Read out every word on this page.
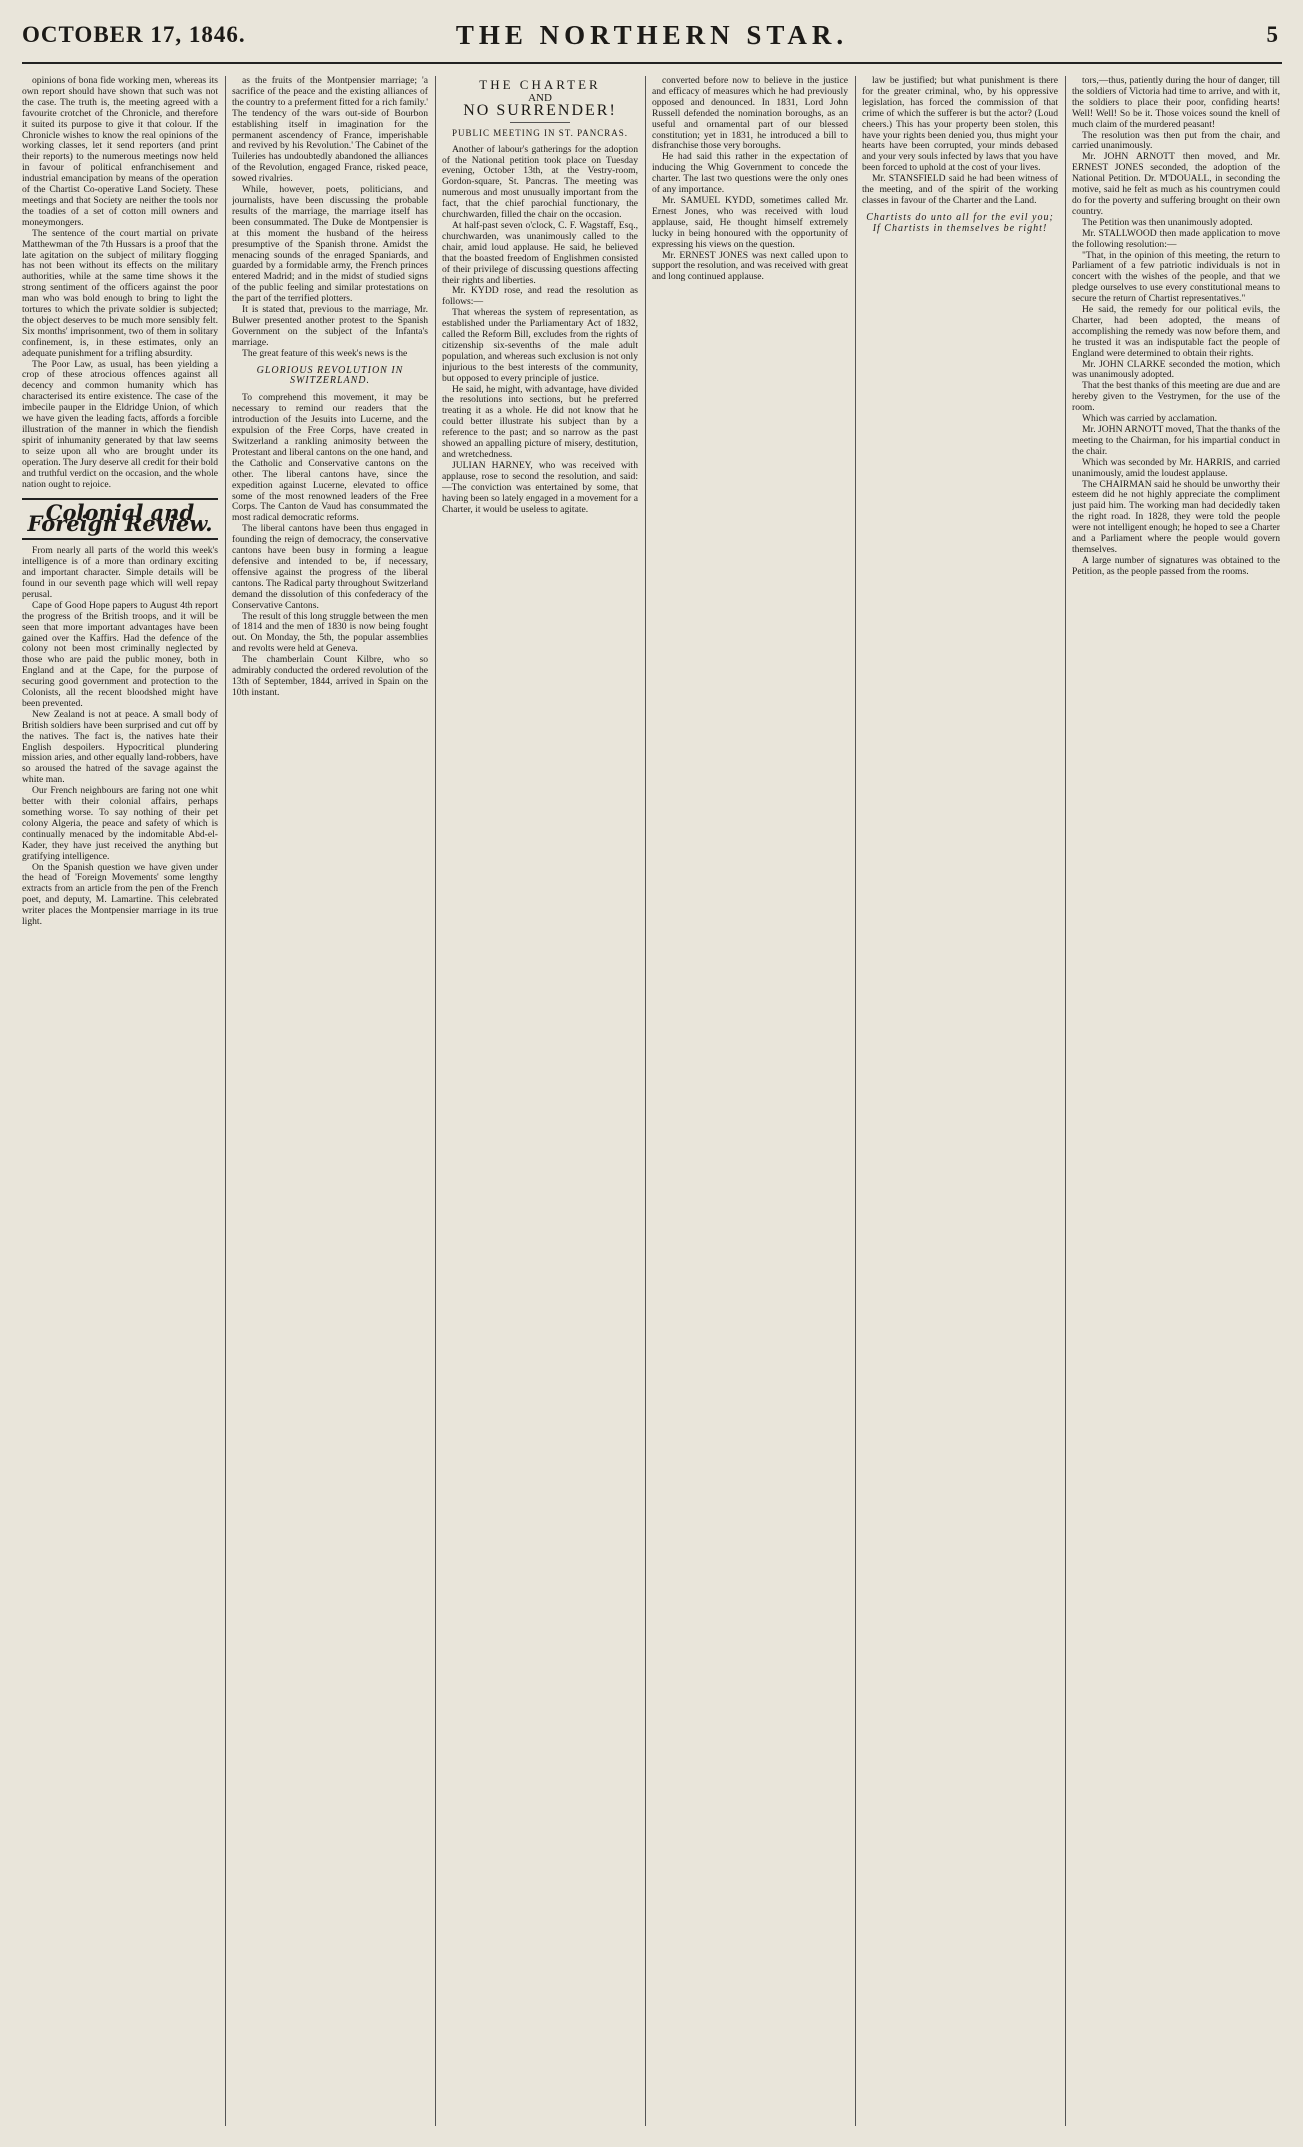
OCTOBER 17, 1846.	THE NORTHERN STAR.	5

opinions of bona fide working men, whereas its own report should have shown that such was not the case. The truth is, the meeting agreed with a favourite crotchet of the Chronicle, and therefore it suited its purpose to give it that colour. If the Chronicle wishes to know the real opinions of the working classes, let it send reporters (and print their reports) to the numerous meetings now held in favour of political enfranchisement and industrial emancipation by means of the operation of the Chartist Co-operative Land Society. These meetings and that Society are neither the tools nor the toadies of a set of cotton mill owners and moneymongers.

The sentence of the court martial on private Matthewman of the 7th Hussars is a proof that the late agitation on the subject of military flogging has not been without its effects on the military authorities, while at the same time shows it the strong sentiment of the officers against the poor man who was bold enough to bring to light the tortures to which the private soldier is subjected; the object deserves to be much more sensibly felt. Six months' imprisonment, two of them in solitary confinement, is, in these estimates, only an adequate punishment for a trifling absurdity.

The Poor Law, as usual, has been yielding a crop of these atrocious offences against all decency and common humanity which has characterised its entire existence. The case of the imbecile pauper in the Eldridge Union, of which we have given the leading facts, affords a forcible illustration of the manner in which the fiendish spirit of inhumanity generated by that law seems to seize upon all who are brought under its operation. The Jury deserve all credit for their bold and truthful verdict on the occasion, and the whole nation ought to rejoice.

Colonial and Foreign Review.

From nearly all parts of the world this week's intelligence is of a more than ordinary exciting and important character. Simple details will be found in our seventh page which will well repay perusal.

Cape of Good Hope papers to August 4th report the progress of the British troops, and it will be seen that more important advantages have been gained over the Kaffirs. Had the defence of the colony not been most criminally neglected by those who are paid the public money, both in England and at the Cape, for the purpose of securing good government and protection to the Colonists, all the recent bloodshed might have been prevented.

New Zealand is not at peace. A small body of British soldiers have been surprised and cut off by the natives. The fact is, the natives hate their English despoilers. Hypocritical plundering mission aries, and other equally land-robbers, have so aroused the hatred of the savage against the white man.

Our French neighbours are faring not one whit better with their colonial affairs, perhaps something worse. To say nothing of their pet colony Algeria, the peace and safety of which is continually menaced by the indomitable Abd-el-Kader, they have just received the anything but gratifying intelligence.

On the Spanish question we have given under the head of 'Foreign Movements' some lengthy extracts from an article from the pen of the French poet, and deputy, M. Lamartine. This celebrated writer places the Montpensier marriage in its true light.

as the fruits of the Montpensier marriage; 'a sacrifice of the peace and the existing alliances of the country to a preferment fitted for a rich family.' The tendency of the wars out-side of Bourbon establishing itself in imagination for the permanent ascendency of France, imperishable and revived by his Revolution.' The Cabinet of the Tuileries has undoubtedly abandoned the alliances of the Revolution, engaged France, risked peace, sowed rivalries.

While, however, poets, politicians, and journalists, have been discussing the probable results of the marriage, the marriage itself has been consummated. The Duke de Montpensier is at this moment the husband of the heiress presumptive of the Spanish throne. Amidst the menacing sounds of the enraged Spaniards, and guarded by a formidable army, the French princes entered Madrid; and in the midst of studied signs of the public feeling and similar protestations on the part of the terrified plotters.

It is stated that, previous to the marriage, Mr. Bulwer presented another protest to the Spanish Government on the subject of the Infanta's marriage.

The great feature of this week's news is the

GLORIOUS REVOLUTION IN SWITZERLAND.

To comprehend this movement, it may be necessary to remind our readers that the introduction of the Jesuits into Lucerne, and the expulsion of the Free Corps, have created in Switzerland a rankling animosity between the Protestant and liberal cantons on the one hand, and the Catholic and Conservative cantons on the other. The liberal cantons have, since the expedition against Lucerne, elevated to office some of the most renowned leaders of the Free Corps. The Canton de Vaud has consummated the most radical democratic reforms.

The liberal cantons have been thus engaged in founding the reign of democracy, the conservative cantons have been busy in forming a league defensive and intended to be, if necessary, offensive against the progress of the liberal cantons. The Radical party throughout Switzerland demand the dissolution of this confederacy of the Conservative Cantons.

The result of this long struggle between the men of 1814 and the men of 1830 is now being fought out. On Monday, the 5th, the popular assemblies and revolts were held at Geneva.

The chamberlain Count Kilbre, who so admirably conducted the ordered revolution of the 13th of September, 1844, arrived in Spain on the 10th instant.

THE CHARTER
AND
NO SURRENDER!
PUBLIC MEETING IN ST. PANCRAS.

Another of labour's gatherings for the adoption of the National petition took place on Tuesday evening, October 13th, at the Vestry-room, Gordon-square, St. Pancras. The meeting was numerous and most unusually important from the fact, that the chief parochial functionary, the churchwarden, filled the chair on the occasion.

At half-past seven o'clock, C. F. Wagstaff, Esq., churchwarden, was unanimously called to the chair, amid loud applause. He said, he believed that the boasted freedom of Englishmen consisted of their privilege of discussing questions affecting their rights and liberties.

Mr. KYDD rose, and read the resolution as follows:—

That whereas the system of representation, as established under the Parliamentary Act of 1832, called the Reform Bill, excludes from the rights of citizenship six-sevenths of the male adult population, and whereas such exclusion is not only injurious to the best interests of the community, but opposed to every principle of justice.

He said, he might, with advantage, have divided the resolutions into sections, but he preferred treating it as a whole. He did not know that he could better illustrate his subject than by a reference to the past; and so narrow as the past showed an appalling picture of misery, destitution, and wretchedness.

JULIAN HARNEY, who was received with applause, rose to second the resolution, and said:—The conviction was entertained by some, that having been so lately engaged in a movement for a Charter, it would be useless to agitate.

converted before now to believe in the justice and efficacy of measures which he had previously opposed and denounced. In 1831, Lord John Russell defended the nomination boroughs, as an useful and ornamental part of our blessed constitution; yet in 1831, he introduced a bill to disfranchise those very boroughs.

He had said this rather in the expectation of inducing the Whig Government to concede the charter. The last two questions were the only ones of any importance.

Mr. SAMUEL KYDD, sometimes called Mr. Ernest Jones, who was received with loud applause, said, He thought himself extremely lucky in being honoured with the opportunity of expressing his views on the question.

Mr. ERNEST JONES was next called upon to support the resolution, and was received with great and long continued applause.

law be justified; but what punishment is there for the greater criminal, who, by his oppressive legislation, has forced the commission of that crime of which the sufferer is but the actor? (Loud cheers.) This has your property been stolen, this have your rights been denied you, thus might your hearts have been corrupted, your minds debased and your very souls infected by laws that you have been forced to uphold at the cost of your lives.

Mr. STANSFIELD said he had been witness of the meeting, and of the spirit of the working classes in favour of the Charter and the Land.

Chartists do unto all for the evil you; If Chartists in themselves be right!

tors,—thus, patiently during the hour of danger, till the soldiers of Victoria had time to arrive, and with it, the soldiers to place their poor, confiding hearts! Well! Well! So be it. Those voices sound the knell of much claim of the murdered peasant!

The resolution was then put from the chair, and carried unanimously.

Mr. JOHN ARNOTT then moved, and Mr. ERNEST JONES seconded, the adoption of the National Petition. Dr. M'DOUALL, in seconding the motive, said he felt as much as his countrymen could do for the poverty and suffering brought on their own country.

The Petition was then unanimously adopted.

Mr. STALLWOOD then made application to move the following resolution:—

"That, in the opinion of this meeting, the return to Parliament of a few patriotic individuals is not in concert with the wishes of the people, and that we pledge ourselves to use every constitutional means to secure the return of Chartist representatives."

He said, the remedy for our political evils, the Charter, had been adopted, the means of accomplishing the remedy was now before them, and he trusted it was an indisputable fact the people of England were determined to obtain their rights.

Mr. JOHN CLARKE seconded the motion, which was unanimously adopted.

That the best thanks of this meeting are due and are hereby given to the Vestrymen, for the use of the room.

Which was carried by acclamation.

Mr. JOHN ARNOTT moved, That the thanks of the meeting to the Chairman, for his impartial conduct in the chair.

Which was seconded by Mr. HARRIS, and carried unanimously, amid the loudest applause.

The CHAIRMAN said he should be unworthy their esteem did he not highly appreciate the compliment just paid him. The working man had decidedly taken the right road. In 1828, they were told the people were not intelligent enough; he hoped to see a Charter and a Parliament where the people would govern themselves.

A large number of signatures was obtained to the Petition, as the people passed from the rooms.
